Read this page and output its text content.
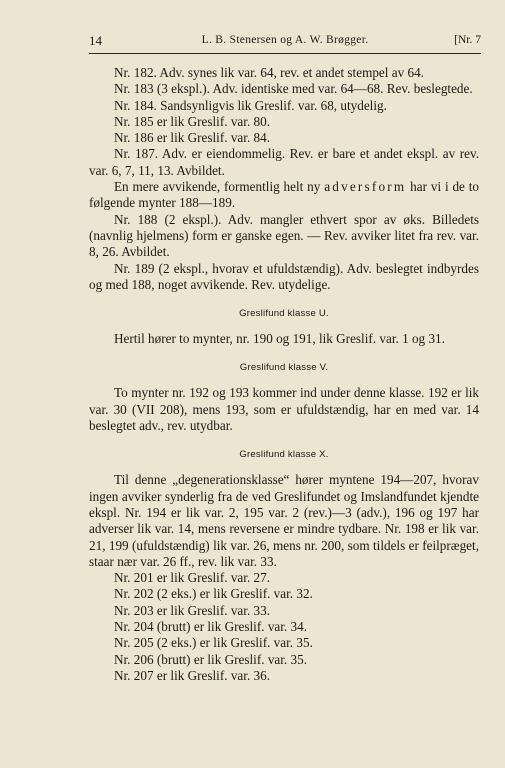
14	L. B. Stenersen og A. W. Brøgger.	[Nr. 7

Nr. 182. Adv. synes lik var. 64, rev. et andet stempel av 64.

Nr. 183 (3 ekspl.). Adv. identiske med var. 64—68. Rev. beslegtede.

Nr. 184. Sandsynligvis lik Greslif. var. 68, utydelig.

Nr. 185 er lik Greslif. var. 80.

Nr. 186 er lik Greslif. var. 84.

Nr. 187. Adv. er eiendommelig. Rev. er bare et andet ekspl. av rev. var. 6, 7, 11, 13. Avbildet.

En mere avvikende, formentlig helt ny adversform har vi i de to følgende mynter 188—189.

Nr. 188 (2 ekspl.). Adv. mangler ethvert spor av øks. Billedets (navnlig hjelmens) form er ganske egen. — Rev. avviker litet fra rev. var. 8, 26. Avbildet.

Nr. 189 (2 ekspl., hvorav et ufuldstændig). Adv. beslegtet indbyrdes og med 188, noget avvikende. Rev. utydelige.

Greslifund klasse U.

Hertil hører to mynter, nr. 190 og 191, lik Greslif. var. 1 og 31.

Greslifund klasse V.

To mynter nr. 192 og 193 kommer ind under denne klasse. 192 er lik var. 30 (VII 208), mens 193, som er ufuldstændig, har en med var. 14 beslegtet adv., rev. utydbar.

Greslifund klasse X.

Til denne „degenerationsklasse“ hører myntene 194—207, hvorav ingen avviker synderlig fra de ved Greslifundet og Imslandfundet kjendte ekspl. Nr. 194 er lik var. 2, 195 var. 2 (rev.)—3 (adv.), 196 og 197 har adverser lik var. 14, mens reversene er mindre tydbare. Nr. 198 er lik var. 21, 199 (ufuldstændig) lik var. 26, mens nr. 200, som tildels er feilpræget, staar nær var. 26 ff., rev. lik var. 33.

Nr. 201 er lik Greslif. var. 27.

Nr. 202 (2 eks.) er lik Greslif. var. 32.

Nr. 203 er lik Greslif. var. 33.

Nr. 204 (brutt) er lik Greslif. var. 34.

Nr. 205 (2 eks.) er lik Greslif. var. 35.

Nr. 206 (brutt) er lik Greslif. var. 35.

Nr. 207 er lik Greslif. var. 36.
